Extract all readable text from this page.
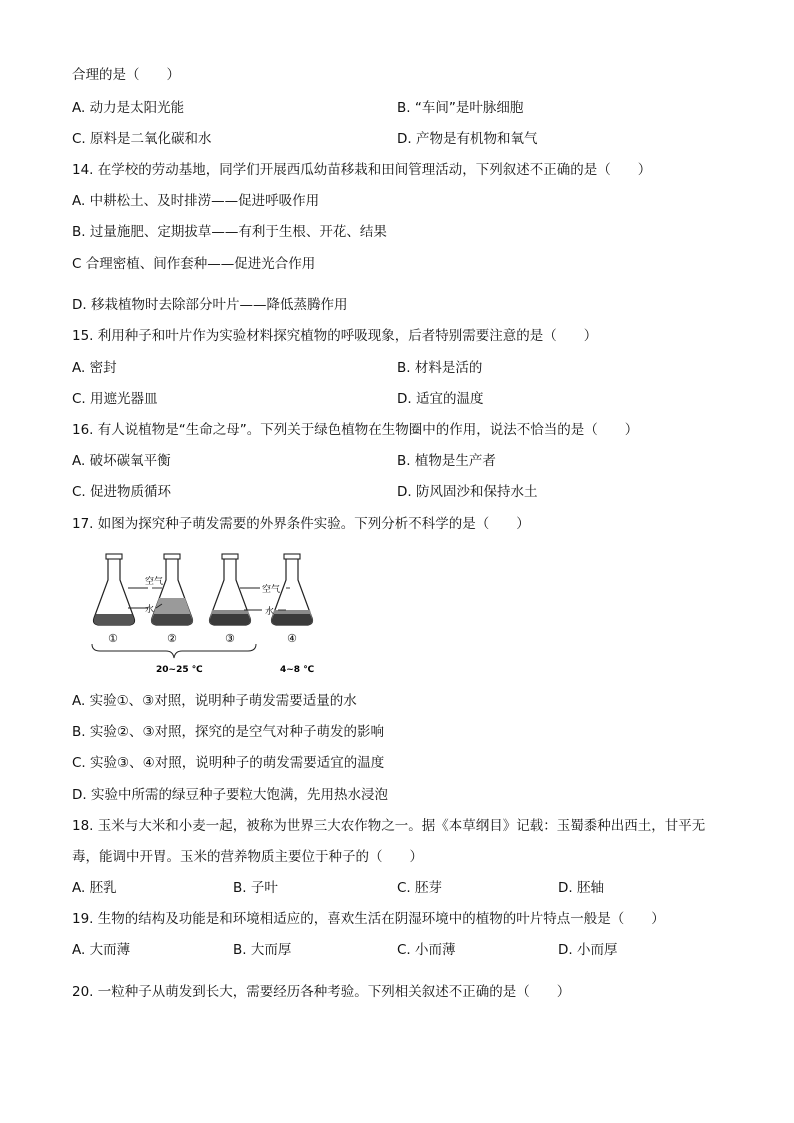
合理的是（　　）
A. 动力是太阳光能	B. “车间”是叶脉细胞
C. 原料是二氧化碳和水	D. 产物是有机物和氧气
14. 在学校的劳动基地，同学们开展西瓜幼苗移栽和田间管理活动，下列叙述不正确的是（　　）
A. 中耕松土、及时排涝——促进呼吸作用
B. 过量施肥、定期拔草——有利于生根、开花、结果
C 合理密植、间作套种——促进光合作用
D. 移栽植物时去除部分叶片——降低蒸腾作用
15. 利用种子和叶片作为实验材料探究植物的呼吸现象，后者特别需要注意的是（　　）
A. 密封	B. 材料是活的
C. 用遮光器皿	D. 适宜的温度
16. 有人说植物是“生命之母”。下列关于绿色植物在生物圈中的作用，说法不恰当的是（　　）
A. 破坏碳氧平衡	B. 植物是生产者
C. 促进物质循环	D. 防风固沙和保持水土
17. 如图为探究种子萌发需要的外界条件实验。下列分析不科学的是（　　）
空气
水
空气
水
①	②	③	④
20~25 ℃	4~8 ℃
A. 实验①、③对照，说明种子萌发需要适量的水
B. 实验②、③对照，探究的是空气对种子萌发的影响
C. 实验③、④对照，说明种子的萌发需要适宜的温度
D. 实验中所需的绿豆种子要粒大饱满，先用热水浸泡
18. 玉米与大米和小麦一起，被称为世界三大农作物之一。据《本草纲目》记载：玉蜀黍种出西土，甘平无
毒，能调中开胃。玉米的营养物质主要位于种子的（　　）
A. 胚乳	B. 子叶	C. 胚芽	D. 胚轴
19. 生物的结构及功能是和环境相适应的，喜欢生活在阴湿环境中的植物的叶片特点一般是（　　）
A. 大而薄	B. 大而厚	C. 小而薄	D. 小而厚
20. 一粒种子从萌发到长大，需要经历各种考验。下列相关叙述不正确的是（　　）
